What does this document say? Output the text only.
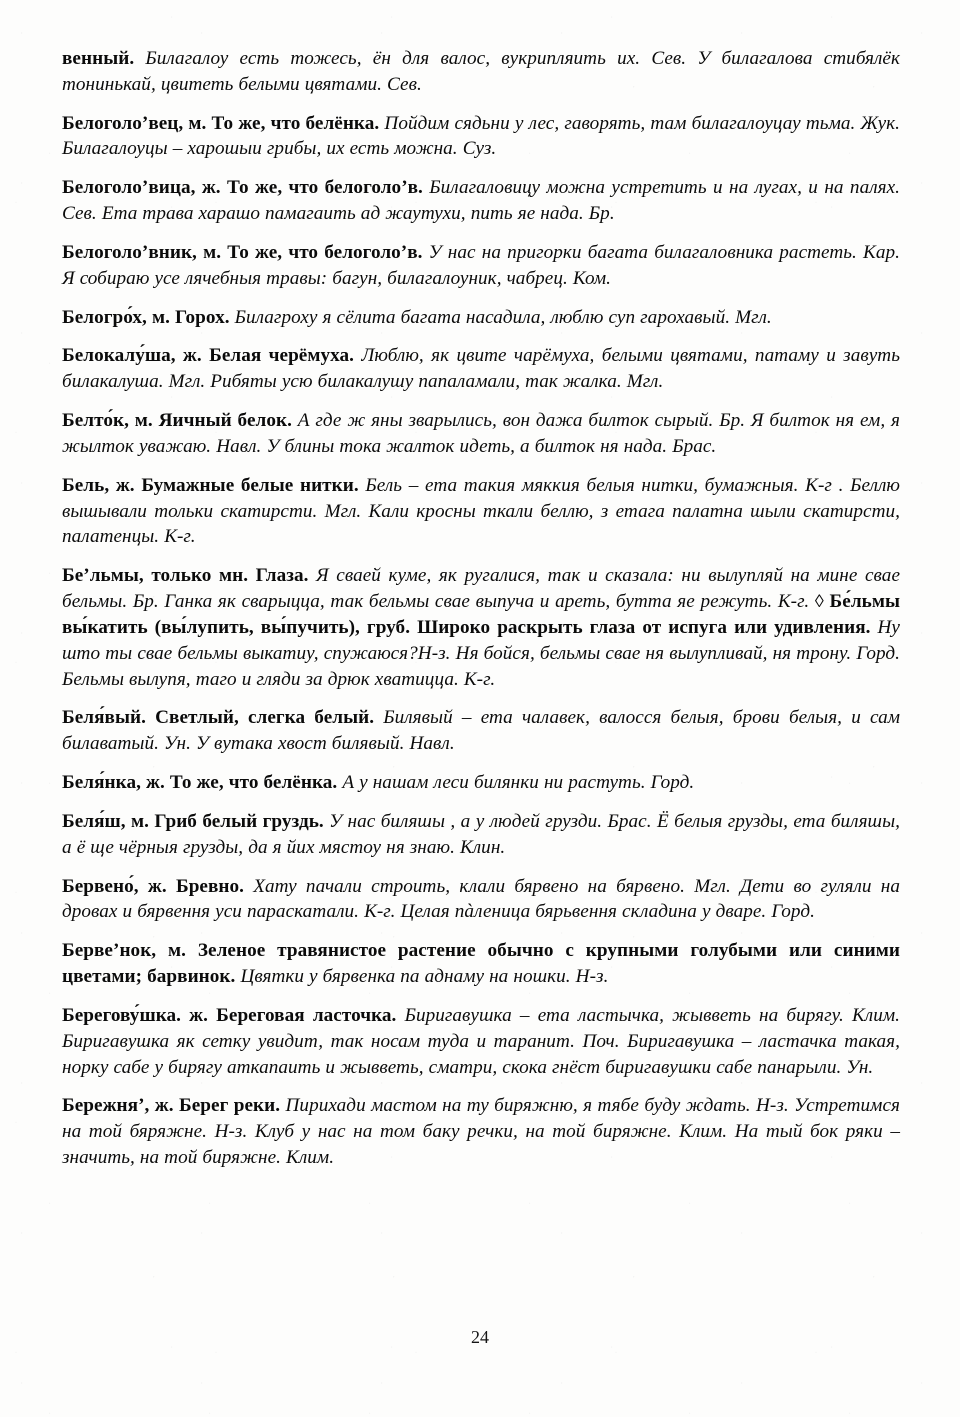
венный. Билагалоу есть тожесь, ён для валос, вукрипляить их. Сев. У билагалова стибялёк тонинькай, цвитеть белыми цвятами. Сев.

Белоголо’вец, м. То же, что белёнка. Пойдим сядьни у лес, гаворять, там билагалоуцау тьма. Жук. Билагалоуцы – харошыи грибы, их есть можна. Суз.

Белоголо’вица, ж. То же, что белоголо’в. Билагаловицу можна устретить и на лугах, и на палях. Сев. Ета трава харашо памагаить ад жаутухи, пить яе нада. Бр.

Белоголо’вник, м. То же, что белоголо’в. У нас на пригорки багата билагаловника растеть. Кар. Я собираю усе лячебныя травы: багун, билагалоуник, чабрец. Ком.

Белогро́х, м. Горох. Билагроху я сёлита багата насадила, люблю суп гарохавый. Мгл.

Белокалу́ша, ж. Белая черёмуха. Люблю, як цвите чарёмуха, белыми цвятами, патаму и завуть билакалуша. Мгл. Рибяты усю билакалушу папаламали, так жалка. Мгл.

Белто́к, м. Яичный белок. А где ж яны зварылись, вон дажа билток сырый. Бр. Я билток ня ем, я жылток уважаю. Навл. У блины тока жалток идеть, а билток ня нада. Брас.

Бель, ж. Бумажные белые нитки. Бель – ета такия мяккия белыя нитки, бумажныя. К-г . Беллю вышывали тольки скатирсти. Мгл. Кали кросны ткали беллю, з етага палатна шыли скатирсти, палатенцы. К-г.

Бе’льмы, только мн. Глаза. Я сваей куме, як ругалися, так и сказала: ни вылупляй на мине свае бельмы. Бр. Ганка як сварыцца, так бельмы свае выпуча и ареть, бутта яе режуть. К-г. ◊ Бе́льмы вы́катить (вы́лупить, вы́пучить), груб. Широко раскрыть глаза от испуга или удивления. Ну што ты свае бельмы выкатиу, спужаюся?Н-з. Ня бойся, бельмы свае ня вылупливай, ня трону. Горд. Бельмы вылупя, таго и гляди за дрюк хватицца. К-г.

Беля́вый. Светлый, слегка белый. Билявый – ета чалавек, валосся белыя, брови белыя, и сам билаватый. Ун. У вутака хвост билявый. Навл.

Беля́нка, ж. То же, что белёнка. А у нашам леси билянки ни растуть. Горд.

Беля́ш, м. Гриб белый груздь. У нас биляшы , а у людей грузди. Брас. Ё белыя грузды, ета биляшы, а ё ще чёрныя грузды, да я йих мястоу ня знаю. Клин.

Бервено́, ж. Бревно. Хату пачали строить, клали бярвено на бярвено. Мгл. Дети во гуляли на дровах и бярвення уси параскатали. К-г. Целая пàленица бярьвення складина у дваре. Горд.

Берве’нок, м. Зеленое травянистое растение обычно с крупными голубыми или синими цветами; барвинок. Цвятки у бярвенка па аднаму на ношки. Н-з.

Берегову́шка. ж. Береговая ласточка. Биригавушка – ета ластычка, жывветь на бирягу. Клим. Биригавушка як сетку увидит, так носам туда и таранит. Поч. Биригавушка – ластачка такая, норку сабе у бирягу аткапаить и жывветь, сматри, скока гнёст биригавушки сабе панарыли. Ун.

Бережня’, ж. Берег реки. Пирихади мастом на ту биряжню, я тябе буду ждать. Н-з. Устретимся на той бяряжне. Н-з. Клуб у нас на том баку речки, на той биряжне. Клим. На тый бок ряки – значить, на той биряжне. Клим.

24
